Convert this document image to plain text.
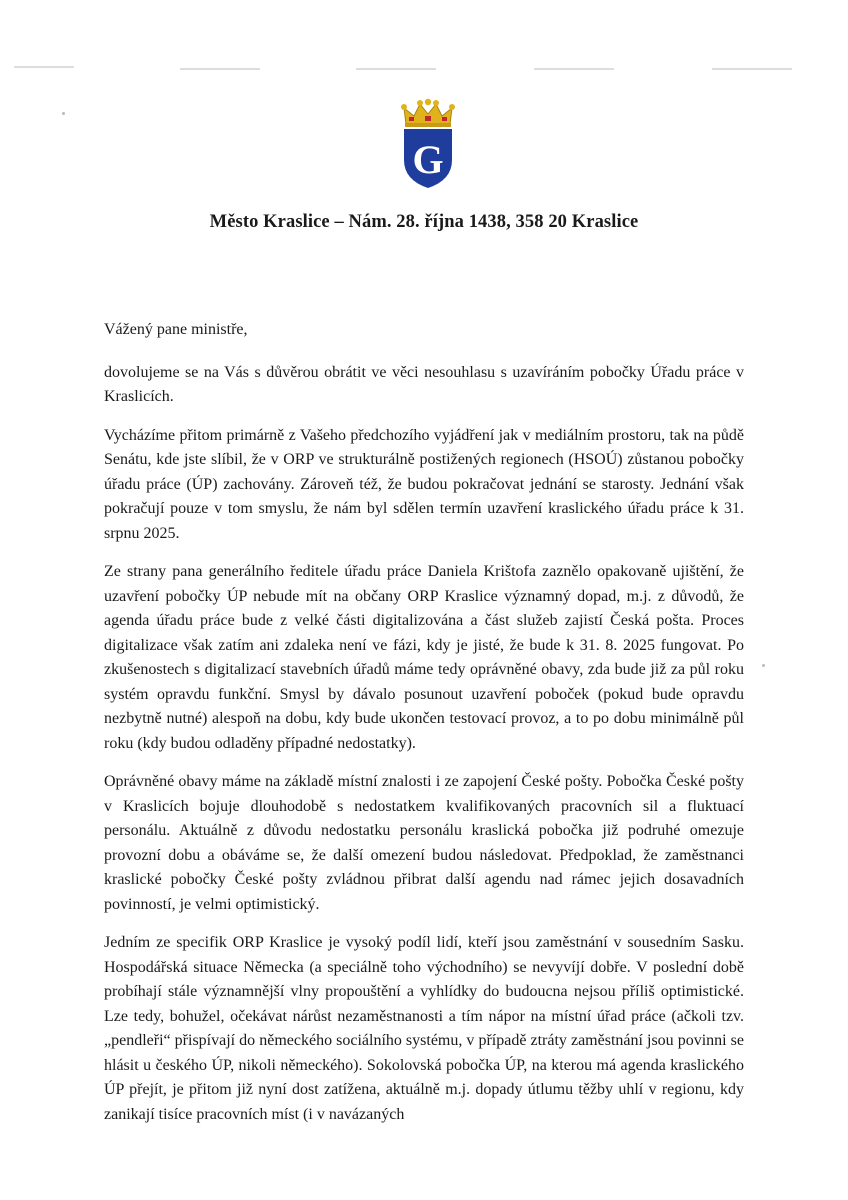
G
Město Kraslice – Nám. 28. října 1438, 358 20 Kraslice

Vážený pane ministře,

dovolujeme se na Vás s důvěrou obrátit ve věci nesouhlasu s uzavíráním pobočky Úřadu práce v Kraslicích.

Vycházíme přitom primárně z Vašeho předchozího vyjádření jak v mediálním prostoru, tak na půdě Senátu, kde jste slíbil, že v ORP ve strukturálně postižených regionech (HSOÚ) zůstanou pobočky úřadu práce (ÚP) zachovány. Zároveň též, že budou pokračovat jednání se starosty. Jednání však pokračují pouze v tom smyslu, že nám byl sdělen termín uzavření kraslického úřadu práce k 31. srpnu 2025.

Ze strany pana generálního ředitele úřadu práce Daniela Krištofa zaznělo opakovaně ujištění, že uzavření pobočky ÚP nebude mít na občany ORP Kraslice významný dopad, m.j. z důvodů, že agenda úřadu práce bude z velké části digitalizována a část služeb zajistí Česká pošta. Proces digitalizace však zatím ani zdaleka není ve fázi, kdy je jisté, že bude k 31. 8. 2025 fungovat. Po zkušenostech s digitalizací stavebních úřadů máme tedy oprávněné obavy, zda bude již za půl roku systém opravdu funkční. Smysl by dávalo posunout uzavření poboček (pokud bude opravdu nezbytně nutné) alespoň na dobu, kdy bude ukončen testovací provoz, a to po dobu minimálně půl roku (kdy budou odladěny případné nedostatky).

Oprávněné obavy máme na základě místní znalosti i ze zapojení České pošty. Pobočka České pošty v Kraslicích bojuje dlouhodobě s nedostatkem kvalifikovaných pracovních sil a fluktuací personálu. Aktuálně z důvodu nedostatku personálu kraslická pobočka již podruhé omezuje provozní dobu a obáváme se, že další omezení budou následovat. Předpoklad, že zaměstnanci kraslické pobočky České pošty zvládnou přibrat další agendu nad rámec jejich dosavadních povinností, je velmi optimistický.

Jedním ze specifik ORP Kraslice je vysoký podíl lidí, kteří jsou zaměstnání v sousedním Sasku. Hospodářská situace Německa (a speciálně toho východního) se nevyvíjí dobře. V poslední době probíhají stále významnější vlny propouštění a vyhlídky do budoucna nejsou příliš optimistické. Lze tedy, bohužel, očekávat nárůst nezaměstnanosti a tím nápor na místní úřad práce (ačkoli tzv. „pendleři“ přispívají do německého sociálního systému, v případě ztráty zaměstnání jsou povinni se hlásit u českého ÚP, nikoli německého). Sokolovská pobočka ÚP, na kterou má agenda kraslického ÚP přejít, je přitom již nyní dost zatížena, aktuálně m.j. dopady útlumu těžby uhlí v regionu, kdy zanikají tisíce pracovních míst (i v navázaných
